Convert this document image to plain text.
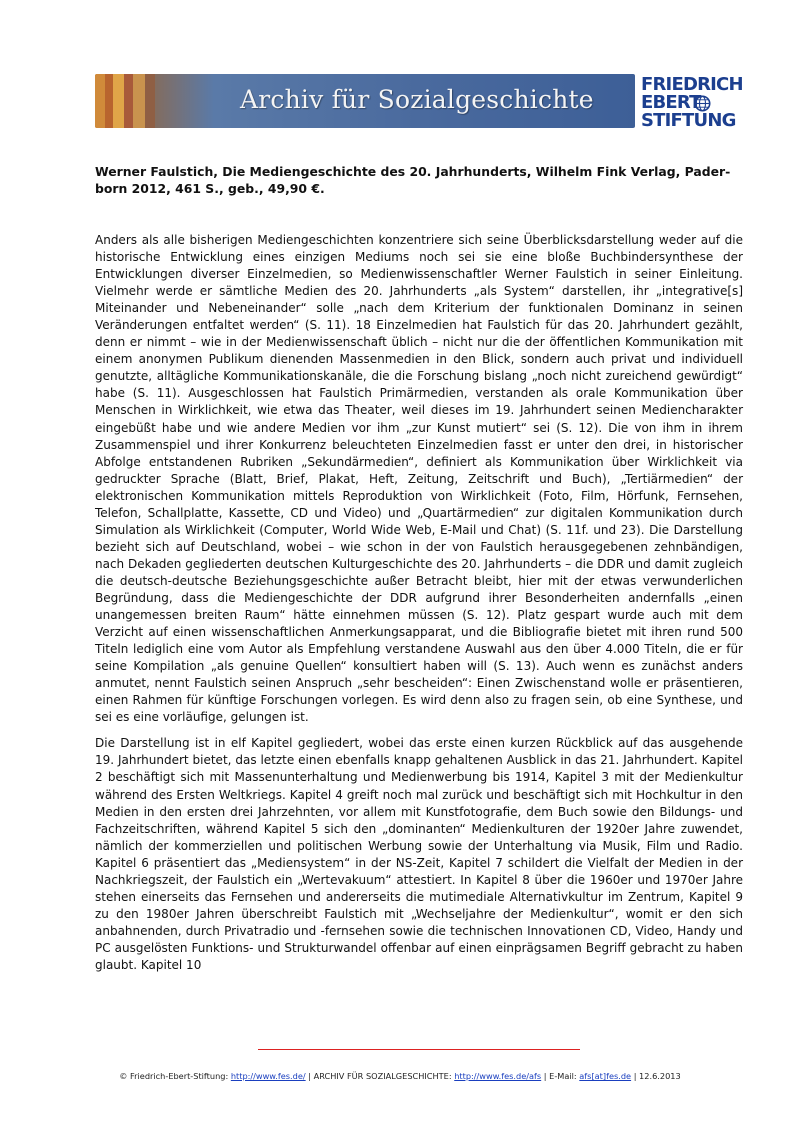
Archiv für Sozialgeschichte
FRIEDRICH
EBERT
STIFTUNG
Werner Faulstich, Die Mediengeschichte des 20. Jahrhunderts, Wilhelm Fink Verlag, Paderborn 2012, 461 S., geb., 49,90 €.

Anders als alle bisherigen Mediengeschichten konzentriere sich seine Überblicksdarstellung weder auf die historische Entwicklung eines einzigen Mediums noch sei sie eine bloße Buchbindersynthese der Entwicklungen diverser Einzelmedien, so Medienwissenschaftler Werner Faulstich in seiner Einleitung. Vielmehr werde er sämtliche Medien des 20. Jahrhunderts „als System“ darstellen, ihr „integrative[s] Miteinander und Nebeneinander“ solle „nach dem Kriterium der funktionalen Dominanz in seinen Veränderungen entfaltet werden“ (S. 11). 18 Einzelmedien hat Faulstich für das 20. Jahrhundert gezählt, denn er nimmt – wie in der Medienwissenschaft üblich – nicht nur die der öffentlichen Kommunikation mit einem anonymen Publikum dienenden Massenmedien in den Blick, sondern auch privat und individuell genutzte, alltägliche Kommunikationskanäle, die die Forschung bislang „noch nicht zureichend gewürdigt“ habe (S. 11). Ausgeschlossen hat Faulstich Primärmedien, verstanden als orale Kommunikation über Menschen in Wirklichkeit, wie etwa das Theater, weil dieses im 19. Jahrhundert seinen Mediencharakter eingebüßt habe und wie andere Medien vor ihm „zur Kunst mutiert“ sei (S. 12). Die von ihm in ihrem Zusammenspiel und ihrer Konkurrenz beleuchteten Einzelmedien fasst er unter den drei, in historischer Abfolge entstandenen Rubriken „Sekundärmedien“, definiert als Kommunikation über Wirklichkeit via gedruckter Sprache (Blatt, Brief, Plakat, Heft, Zeitung, Zeitschrift und Buch), „Tertiärmedien“ der elektronischen Kommunikation mittels Reproduktion von Wirklichkeit (Foto, Film, Hörfunk, Fernsehen, Telefon, Schallplatte, Kassette, CD und Video) und „Quartärmedien“ zur digitalen Kommunikation durch Simulation als Wirklichkeit (Computer, World Wide Web, E-Mail und Chat) (S. 11f. und 23). Die Darstellung bezieht sich auf Deutschland, wobei – wie schon in der von Faulstich herausgegebenen zehnbändigen, nach Dekaden gegliederten deutschen Kulturgeschichte des 20. Jahrhunderts – die DDR und damit zugleich die deutsch-deutsche Beziehungsgeschichte außer Betracht bleibt, hier mit der etwas verwunderlichen Begründung, dass die Mediengeschichte der DDR aufgrund ihrer Besonderheiten andernfalls „einen unangemessen breiten Raum“ hätte einnehmen müssen (S. 12). Platz gespart wurde auch mit dem Verzicht auf einen wissenschaftlichen Anmerkungsapparat, und die Bibliografie bietet mit ihren rund 500 Titeln lediglich eine vom Autor als Empfehlung verstandene Auswahl aus den über 4.000 Titeln, die er für seine Kompilation „als genuine Quellen“ konsultiert haben will (S. 13). Auch wenn es zunächst anders anmutet, nennt Faulstich seinen Anspruch „sehr bescheiden“: Einen Zwischenstand wolle er präsentieren, einen Rahmen für künftige Forschungen vorlegen. Es wird denn also zu fragen sein, ob eine Synthese, und sei es eine vorläufige, gelungen ist.

Die Darstellung ist in elf Kapitel gegliedert, wobei das erste einen kurzen Rückblick auf das ausgehende 19. Jahrhundert bietet, das letzte einen ebenfalls knapp gehaltenen Ausblick in das 21. Jahrhundert. Kapitel 2 beschäftigt sich mit Massenunterhaltung und Medienwerbung bis 1914, Kapitel 3 mit der Medienkultur während des Ersten Weltkriegs. Kapitel 4 greift noch mal zurück und beschäftigt sich mit Hochkultur in den Medien in den ersten drei Jahrzehnten, vor allem mit Kunstfotografie, dem Buch sowie den Bildungs- und Fachzeitschriften, während Kapitel 5 sich den „dominanten“ Medienkulturen der 1920er Jahre zuwendet, nämlich der kommerziellen und politischen Werbung sowie der Unterhaltung via Musik, Film und Radio. Kapitel 6 präsentiert das „Mediensystem“ in der NS-Zeit, Kapitel 7 schildert die Vielfalt der Medien in der Nachkriegszeit, der Faulstich ein „Wertevakuum“ attestiert. In Kapitel 8 über die 1960er und 1970er Jahre stehen einerseits das Fernsehen und andererseits die mutimediale Alternativkultur im Zentrum, Kapitel 9 zu den 1980er Jahren überschreibt Faulstich mit „Wechseljahre der Medienkultur“, womit er den sich anbahnenden, durch Privatradio und -fernsehen sowie die technischen Innovationen CD, Video, Handy und PC ausgelösten Funktions- und Strukturwandel offenbar auf einen einprägsamen Begriff gebracht zu haben glaubt. Kapitel 10

© Friedrich-Ebert-Stiftung: http://www.fes.de/ | ARCHIV FÜR SOZIALGESCHICHTE: http://www.fes.de/afs | E-Mail: afs[at]fes.de | 12.6.2013
